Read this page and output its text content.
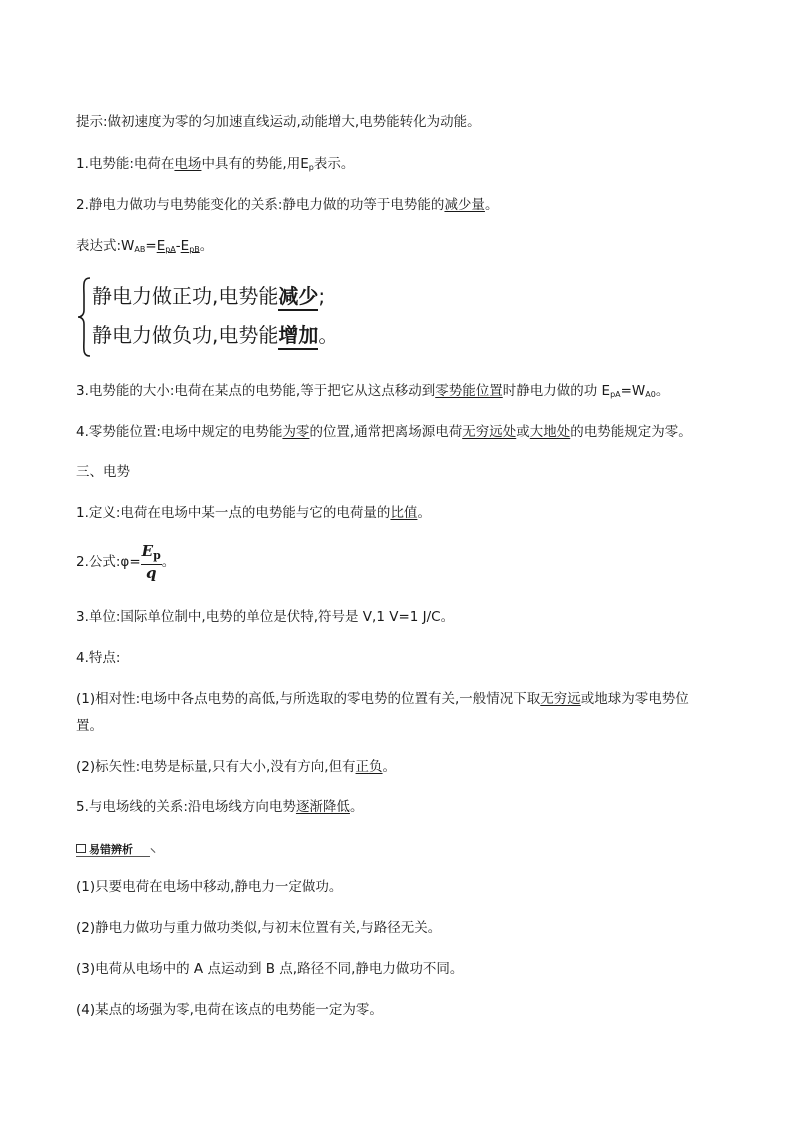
提示:做初速度为零的匀加速直线运动,动能增大,电势能转化为动能。
1.电势能:电荷在电场中具有的势能,用$E_p$表示。
2.静电力做功与电势能变化的关系:静电力做的功等于电势能的减少量。
表达式$:W_{AB}=E_{pA}-E_{pB}$。
静电力做正功,电势能减少;
静电力做负功,电势能增加。
3.电势能的大小:电荷在某点的电势能,等于把它从这点移动到零势能位置时静电力做的功 $E_{pA}=W_{A0}$。
4.零势能位置:电场中规定的电势能为零的位置,通常把离场源电荷无穷远处或大地处的电势能规定为零。
三、电势
1.定义:电荷在电场中某一点的电势能与它的电荷量的比值。
2.公式:φ= $\frac{E_p}{q}$ 。
3.单位:国际单位制中,电势的单位是伏特,符号是 V,1 V=1 J/C。
4.特点:
(1)相对性:电场中各点电势的高低,与所选取的零电势的位置有关,一般情况下取无穷远或地球为零电势位
置。
(2)标矢性:电势是标量,只有大小,没有方向,但有正负。
5.与电场线的关系:沿电场线方向电势逐渐降低。
易错辨析
(1)只要电荷在电场中移动,静电力一定做功。
(2)静电力做功与重力做功类似,与初末位置有关,与路径无关。
(3)电荷从电场中的 A 点运动到 B 点,路径不同,静电力做功不同。
(4)某点的场强为零,电荷在该点的电势能一定为零。
